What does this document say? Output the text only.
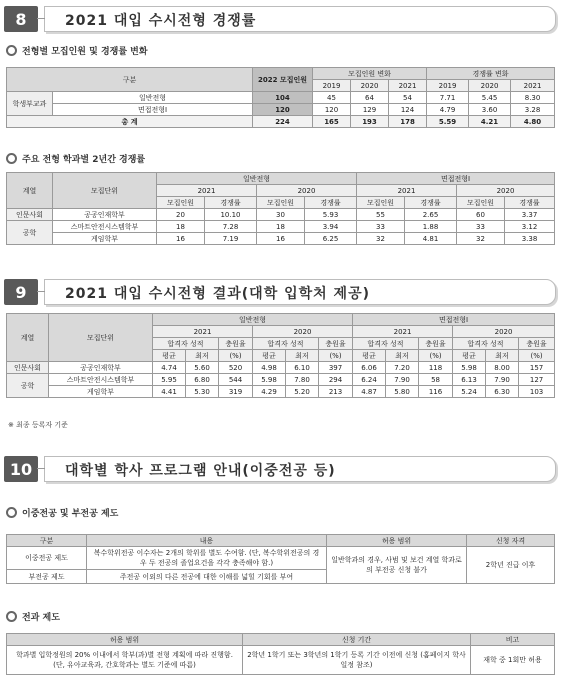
8	2021 대입 수시전형 경쟁률
전형별 모집인원 및 경쟁률 변화
구분		2022 모집인원	모집인원 변화			경쟁률 변화		
			2019	2020	2021	2019	2020	2021
학생부교과	일반전형	104	45	64	54	7.71	5.45	8.30
	면접전형Ⅰ	120	120	129	124	4.79	3.60	3.28
총 계		224	165	193	178	5.59	4.21	4.80
주요 전형 학과별 2년간 경쟁률
계열	모집단위	일반전형				면접전형Ⅰ			
		2021		2020		2021		2020	
		모집인원	경쟁률	모집인원	경쟁률	모집인원	경쟁률	모집인원	경쟁률
인문사회	공공인재학부	20	10.10	30	5.93	55	2.65	60	3.37
공학	스마트안전시스템학부	18	7.28	18	3.94	33	1.88	33	3.12
	게임학부	16	7.19	16	6.25	32	4.81	32	3.38
9	2021 대입 수시전형 결과(대학 입학처 제공)
계열	모집단위	일반전형						면접전형Ⅰ					
		2021			2020			2021			2020		
		합격자 성적		충원율	합격자 성적		충원율	합격자 성적		충원율	합격자 성적		충원율
		평균	최저	(%)	평균	최저	(%)	평균	최저	(%)	평균	최저	(%)
인문사회	공공인재학부	4.74	5.60	520	4.98	6.10	397	6.06	7.20	118	5.98	8.00	157
공학	스마트안전시스템학부	5.95	6.80	544	5.98	7.80	294	6.24	7.90	58	6.13	7.90	127
	게임학부	4.41	5.30	319	4.29	5.20	213	4.87	5.80	116	5.24	6.30	103
※ 최종 등록자 기준
10	대학별 학사 프로그램 안내(이중전공 등)
이중전공 및 부전공 제도
구분	내용	허용 범위	신청 자격
이중전공 제도	복수학위전공 이수자는 2개의 학위를 별도 수여함. (단, 복수학위전공의 경우 두 전공의 졸업요건을 각각 충족해야 함.)	일반학과의 경우, 사범 및 보건 계열 학과로의 부전공 신청 불가	2학년 진급 이후
부전공 제도	주전공 이외의 다른 전공에 대한 이해를 넓힐 기회를 부여		
전과 제도
허용 범위	신청 기간	비고
학과별 입학정원의 20% 이내에서 학부(과)별 전형 계획에 따라 진행함. (단, 유아교육과, 간호학과는 별도 기준에 따름)	2학년 1학기 또는 3학년의 1학기 등록 기간 이전에 신청 (홈페이지 학사일정 참조)	재학 중 1회만 허용
